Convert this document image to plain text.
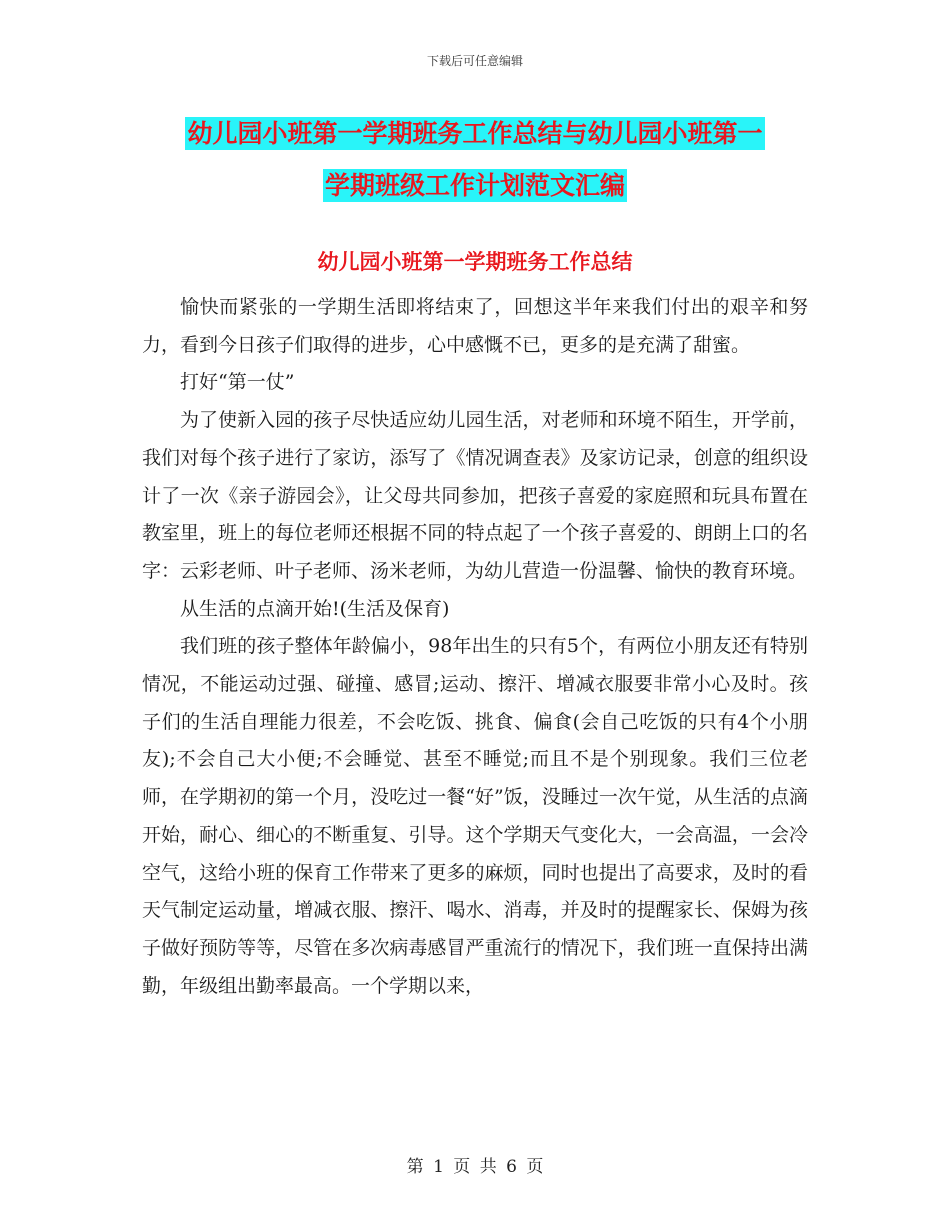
下载后可任意编辑
幼儿园小班第一学期班务工作总结与幼儿园小班第一
学期班级工作计划范文汇编
幼儿园小班第一学期班务工作总结

愉快而紧张的一学期生活即将结束了，回想这半年来我们付出的艰辛和努力，看到今日孩子们取得的进步，心中感慨不已，更多的是充满了甜蜜。

打好“第一仗”

为了使新入园的孩子尽快适应幼儿园生活，对老师和环境不陌生，开学前，我们对每个孩子进行了家访，添写了《情况调查表》及家访记录，创意的组织设计了一次《亲子游园会》，让父母共同参加，把孩子喜爱的家庭照和玩具布置在教室里，班上的每位老师还根据不同的特点起了一个孩子喜爱的、朗朗上口的名字：云彩老师、叶子老师、汤米老师，为幼儿营造一份温馨、愉快的教育环境。

从生活的点滴开始!(生活及保育)

我们班的孩子整体年龄偏小，98年出生的只有5个，有两位小朋友还有特别情况，不能运动过强、碰撞、感冒;运动、擦汗、增减衣服要非常小心及时。孩子们的生活自理能力很差，不会吃饭、挑食、偏食(会自己吃饭的只有4个小朋友);不会自己大小便;不会睡觉、甚至不睡觉;而且不是个别现象。我们三位老师，在学期初的第一个月，没吃过一餐“好”饭，没睡过一次午觉，从生活的点滴开始，耐心、细心的不断重复、引导。这个学期天气变化大，一会高温，一会冷空气，这给小班的保育工作带来了更多的麻烦，同时也提出了高要求，及时的看天气制定运动量，增减衣服、擦汗、喝水、消毒，并及时的提醒家长、保姆为孩子做好预防等等，尽管在多次病毒感冒严重流行的情况下，我们班一直保持出满勤，年级组出勤率最高。一个学期以来，

第 1 页 共 6 页
